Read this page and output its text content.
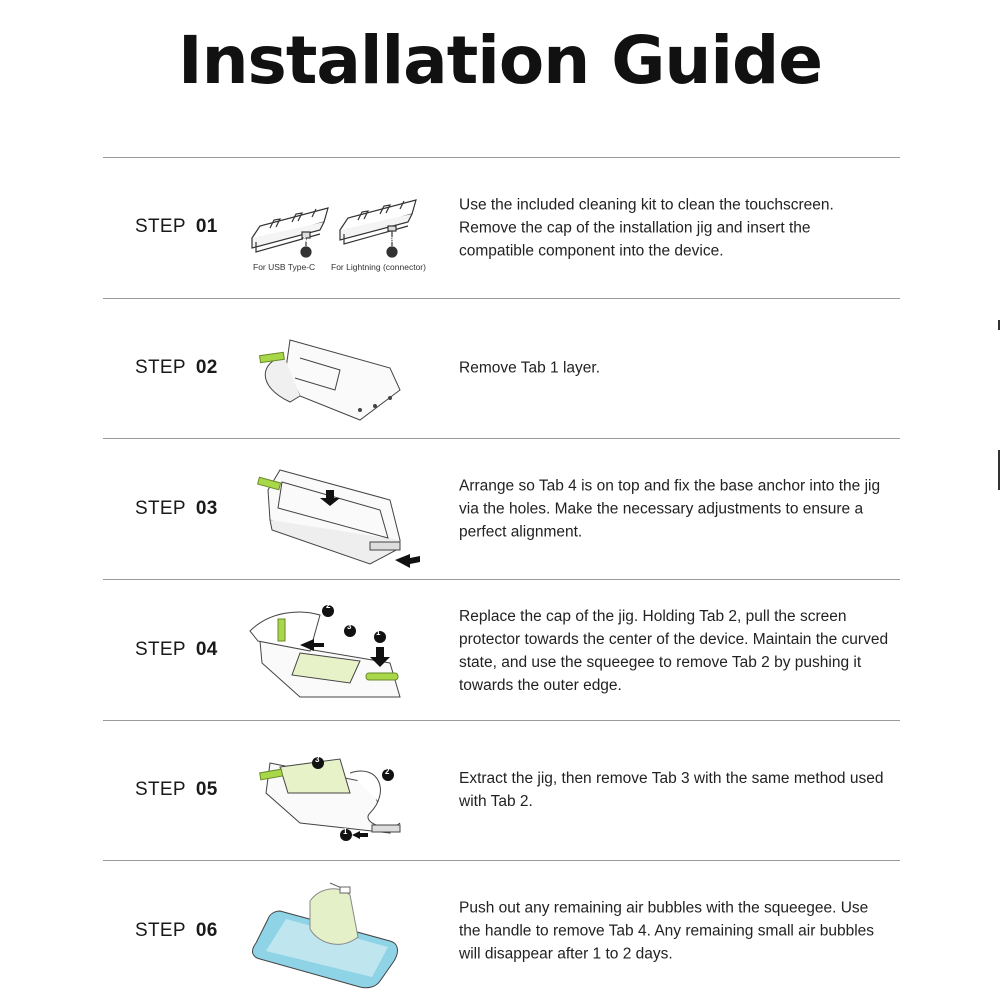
Installation Guide
STEP 01
A	B
For USB Type-C For Lightning (connector)
Use the included cleaning kit to clean the touchscreen. Remove the cap of the installation jig and insert the compatible component into the device.
STEP 02	Remove Tab 1 layer.
STEP 03
Arrange so Tab 4 is on top and fix the base anchor into the jig via the holes. Make the necessary adjustments to ensure a perfect alignment.
STEP 04
1
2
3
Replace the cap of the jig. Holding Tab 2, pull the screen protector towards the center of the device. Maintain the curved state, and use the squeegee to remove Tab 2 by pushing it towards the outer edge.
STEP 05
1
2
3
Extract the jig, then remove Tab 3 with the same method used with Tab 2.
STEP 06
Push out any remaining air bubbles with the squeegee. Use the handle to remove Tab 4. Any remaining small air bubbles will disappear after 1 to 2 days.
